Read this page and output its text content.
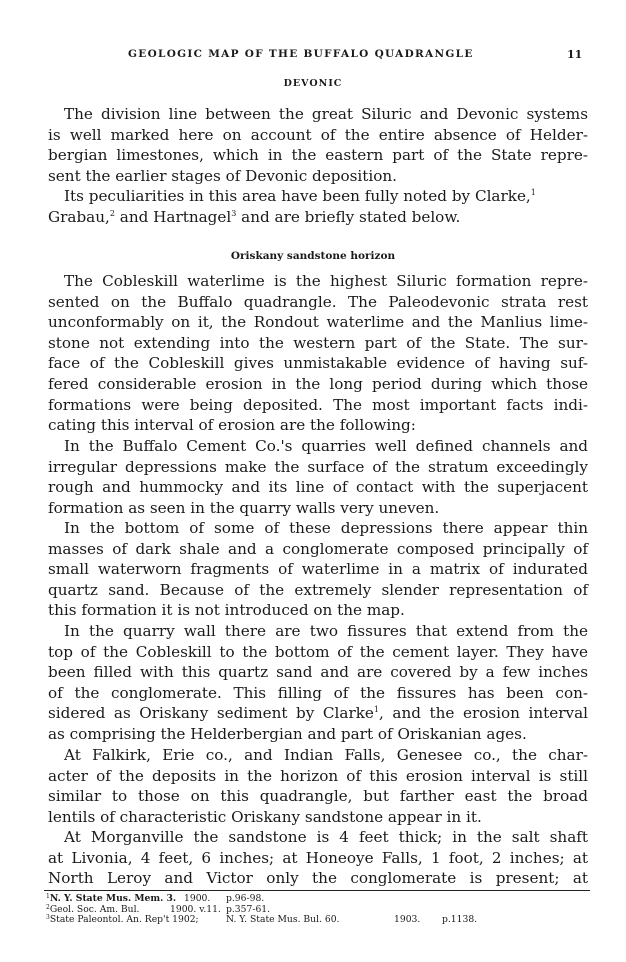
GEOLOGIC MAP OF THE BUFFALO QUADRANGLE	11
DEVONIC
The division line between the great Siluric and Devonic systems
is well marked here on account of the entire absence of Helder-
bergian limestones, which in the eastern part of the State repre-
sent the earlier stages of Devonic deposition.
Its peculiarities in this area have been fully noted by Clarke,$^1$
Grabau,$^2$ and Hartnagel$^3$ and are briefly stated below.
Oriskany sandstone horizon
The Cobleskill waterlime is the highest Siluric formation repre-
sented on the Buffalo quadrangle. The Paleodevonic strata rest
unconformably on it, the Rondout waterlime and the Manlius lime-
stone not extending into the western part of the State. The sur-
face of the Cobleskill gives unmistakable evidence of having suf-
fered considerable erosion in the long period during which those
formations were being deposited. The most important facts indi-
cating this interval of erosion are the following:
In the Buffalo Cement Co.'s quarries well defined channels and
irregular depressions make the surface of the stratum exceedingly
rough and hummocky and its line of contact with the superjacent
formation as seen in the quarry walls very uneven.
In the bottom of some of these depressions there appear thin
masses of dark shale and a conglomerate composed principally of
small waterworn fragments of waterlime in a matrix of indurated
quartz sand. Because of the extremely slender representation of
this formation it is not introduced on the map.
In the quarry wall there are two fissures that extend from the
top of the Cobleskill to the bottom of the cement layer. They have
been filled with this quartz sand and are covered by a few inches
of the conglomerate. This filling of the fissures has been con-
sidered as Oriskany sediment by Clarke$^1$, and the erosion interval
as comprising the Helderbergian and part of Oriskanian ages.
At Falkirk, Erie co., and Indian Falls, Genesee co., the char-
acter of the deposits in the horizon of this erosion interval is still
similar to those on this quadrangle, but farther east the broad
lentils of characteristic Oriskany sandstone appear in it.
At Morganville the sandstone is 4 feet thick; in the salt shaft
at Livonia, 4 feet, 6 inches; at Honeoye Falls, 1 foot, 2 inches; at
North Leroy and Victor only the conglomerate is present; at
$^1$N. Y. State Mus. Mem. 3. 1900. p.96-98.
$^2$Geol. Soc. Am. Bul.	1900. v.11. p.357-61.
$^3$State Paleontol. An. Rep't 1902;	N. Y. State Mus. Bul. 60.	1903. p.1138.
